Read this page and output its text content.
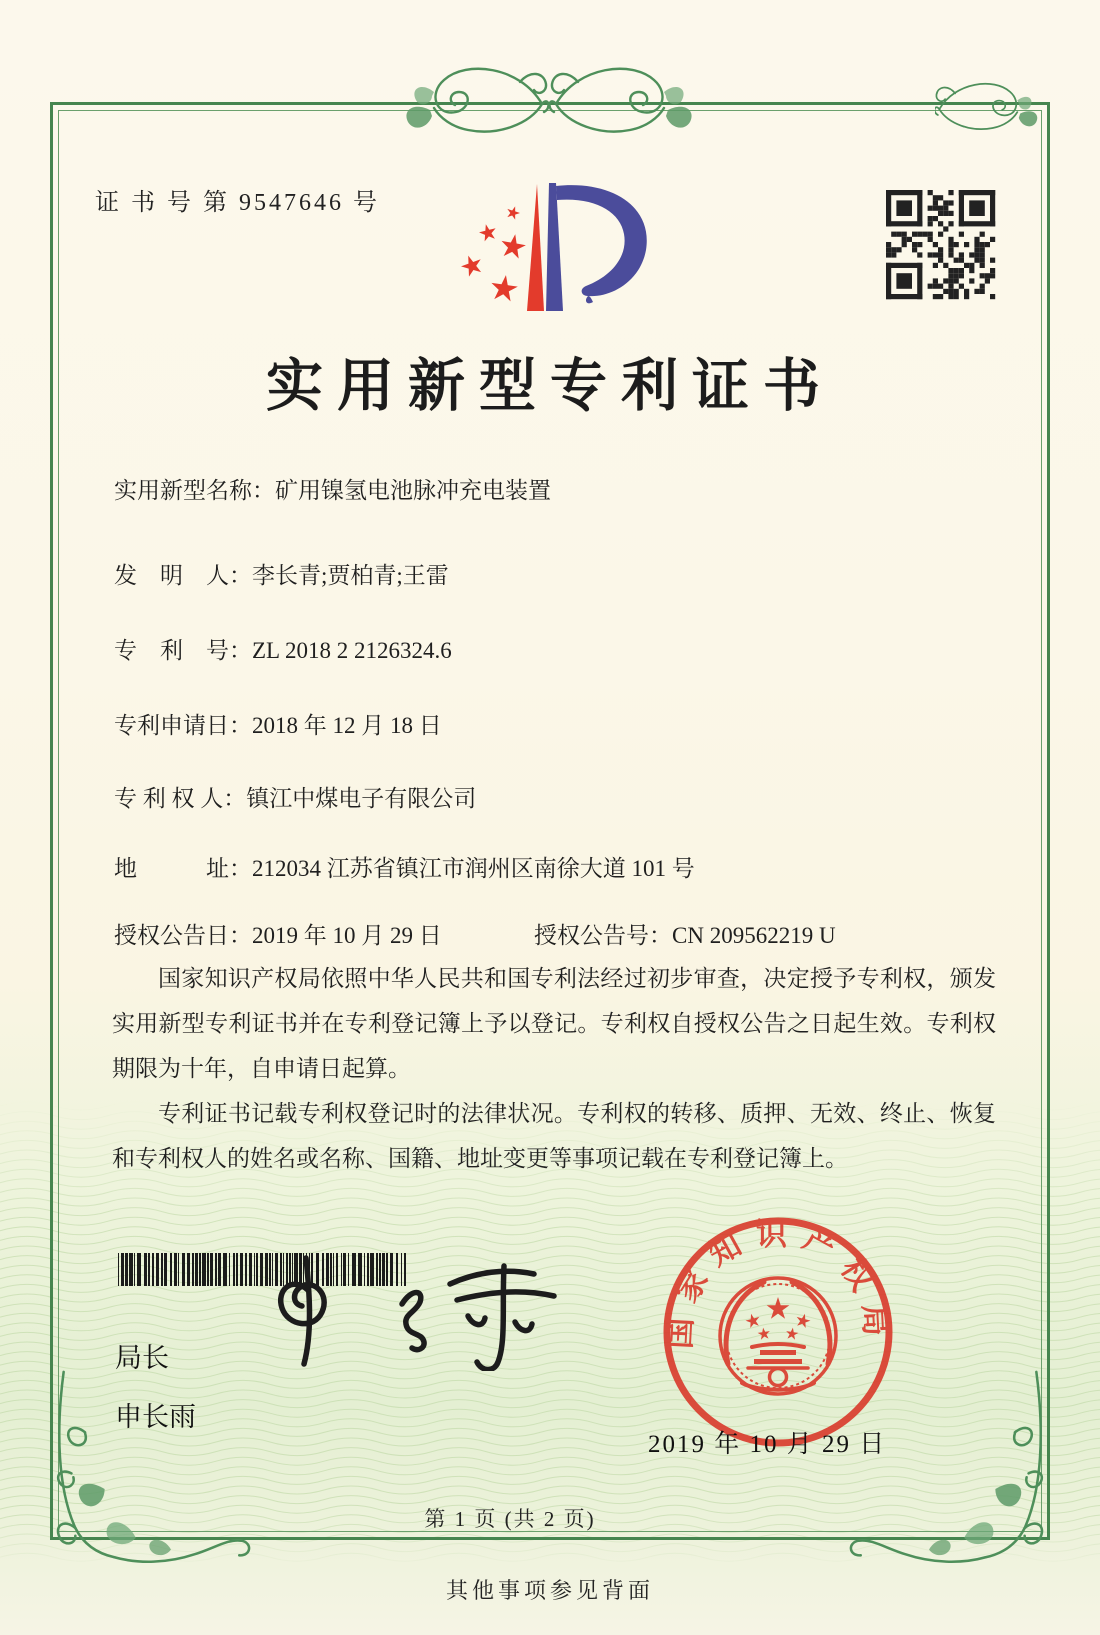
证 书 号 第 9547646 号
实用新型专利证书
实用新型名称：矿用镍氢电池脉冲充电装置
发　明　人：李长青;贾柏青;王雷
专　利　号：ZL 2018 2 2126324.6
专利申请日：2018 年 12 月 18 日
专 利 权 人：镇江中煤电子有限公司
地　　　址：212034 江苏省镇江市润州区南徐大道 101 号
授权公告日：2019 年 10 月 29 日	授权公告号：CN 209562219 U

国家知识产权局依照中华人民共和国专利法经过初步审查，决定授予专利权，颁发实用新型专利证书并在专利登记簿上予以登记。专利权自授权公告之日起生效。专利权期限为十年，自申请日起算。

专利证书记载专利权登记时的法律状况。专利权的转移、质押、无效、终止、恢复和专利权人的姓名或名称、国籍、地址变更等事项记载在专利登记簿上。

局长
申长雨
国家知识产权局
2019 年 10 月 29 日
第 1 页 (共 2 页)
其他事项参见背面
